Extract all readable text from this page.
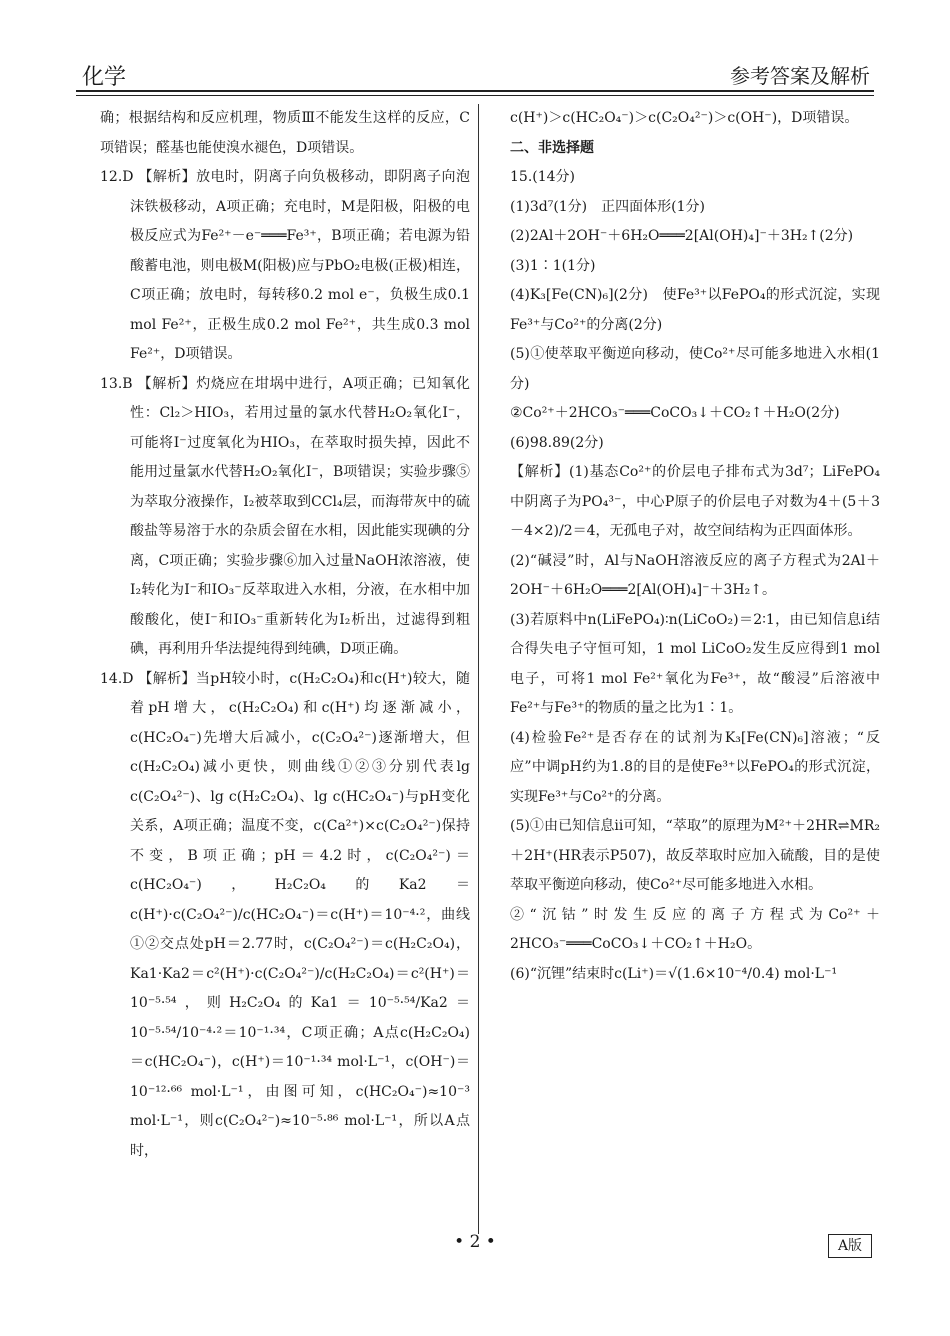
化学	参考答案及解析

确；根据结构和反应机理，物质Ⅲ不能发生这样的反应，C项错误；醛基也能使溴水褪色，D项错误。

12.D 【解析】放电时，阴离子向负极移动，即阴离子向泡沫铁极移动，A项正确；充电时，M是阳极，阳极的电极反应式为Fe²⁺－e⁻═══Fe³⁺，B项正确；若电源为铅酸蓄电池，则电极M(阳极)应与PbO₂电极(正极)相连，C项正确；放电时，每转移0.2 mol e⁻，负极生成0.1 mol Fe²⁺，正极生成0.2 mol Fe²⁺，共生成0.3 mol Fe²⁺，D项错误。

13.B 【解析】灼烧应在坩埚中进行，A项正确；已知氧化性：Cl₂＞HIO₃，若用过量的氯水代替H₂O₂氧化I⁻，可能将I⁻过度氧化为HIO₃，在萃取时损失掉，因此不能用过量氯水代替H₂O₂氧化I⁻，B项错误；实验步骤⑤为萃取分液操作，I₂被萃取到CCl₄层，而海带灰中的硫酸盐等易溶于水的杂质会留在水相，因此能实现碘的分离，C项正确；实验步骤⑥加入过量NaOH浓溶液，使I₂转化为I⁻和IO₃⁻反萃取进入水相，分液，在水相中加酸酸化，使I⁻和IO₃⁻重新转化为I₂析出，过滤得到粗碘，再利用升华法提纯得到纯碘，D项正确。

14.D 【解析】当pH较小时，c(H₂C₂O₄)和c(H⁺)较大，随着pH增大，c(H₂C₂O₄)和c(H⁺)均逐渐减小，c(HC₂O₄⁻)先增大后减小，c(C₂O₄²⁻)逐渐增大，但c(H₂C₂O₄)减小更快，则曲线①②③分别代表lg c(C₂O₄²⁻)、lg c(H₂C₂O₄)、lg c(HC₂O₄⁻)与pH变化关系，A项正确；温度不变，c(Ca²⁺)×c(C₂O₄²⁻)保持不变，B项正确；pH＝4.2时，c(C₂O₄²⁻)＝c(HC₂O₄⁻)，H₂C₂O₄的Ka2＝c(H⁺)·c(C₂O₄²⁻)/c(HC₂O₄⁻)＝c(H⁺)＝10⁻⁴·²，曲线①②交点处pH＝2.77时，c(C₂O₄²⁻)＝c(H₂C₂O₄)，Ka1·Ka2＝c²(H⁺)·c(C₂O₄²⁻)/c(H₂C₂O₄)＝c²(H⁺)＝10⁻⁵·⁵⁴，则H₂C₂O₄的Ka1＝10⁻⁵·⁵⁴/Ka2＝10⁻⁵·⁵⁴/10⁻⁴·²＝10⁻¹·³⁴，C项正确；A点c(H₂C₂O₄)＝c(HC₂O₄⁻)，c(H⁺)＝10⁻¹·³⁴ mol·L⁻¹，c(OH⁻)＝10⁻¹²·⁶⁶ mol·L⁻¹，由图可知，c(HC₂O₄⁻)≈10⁻³ mol·L⁻¹，则c(C₂O₄²⁻)≈10⁻⁵·⁸⁶ mol·L⁻¹，所以A点时，

c(H⁺)＞c(HC₂O₄⁻)＞c(C₂O₄²⁻)＞c(OH⁻)，D项错误。

二、非选择题

15.(14分)

(1)3d⁷(1分)　正四面体形(1分)

(2)2Al＋2OH⁻＋6H₂O═══2[Al(OH)₄]⁻＋3H₂↑(2分)

(3)1∶1(1分)

(4)K₃[Fe(CN)₆](2分)　使Fe³⁺以FePO₄的形式沉淀，实现Fe³⁺与Co²⁺的分离(2分)

(5)①使萃取平衡逆向移动，使Co²⁺尽可能多地进入水相(1分)

②Co²⁺＋2HCO₃⁻═══CoCO₃↓＋CO₂↑＋H₂O(2分)

(6)98.89(2分)

【解析】(1)基态Co²⁺的价层电子排布式为3d⁷；LiFePO₄中阴离子为PO₄³⁻，中心P原子的价层电子对数为4＋(5＋3－4×2)/2＝4，无孤电子对，故空间结构为正四面体形。

(2)“碱浸”时，Al与NaOH溶液反应的离子方程式为2Al＋2OH⁻＋6H₂O═══2[Al(OH)₄]⁻＋3H₂↑。

(3)若原料中n(LiFePO₄)∶n(LiCoO₂)＝2∶1，由已知信息ⅰ结合得失电子守恒可知，1 mol LiCoO₂发生反应得到1 mol电子，可将1 mol Fe²⁺氧化为Fe³⁺，故“酸浸”后溶液中Fe²⁺与Fe³⁺的物质的量之比为1∶1。

(4)检验Fe²⁺是否存在的试剂为K₃[Fe(CN)₆]溶液；“反应”中调pH约为1.8的目的是使Fe³⁺以FePO₄的形式沉淀，实现Fe³⁺与Co²⁺的分离。

(5)①由已知信息ⅱ可知，“萃取”的原理为M²⁺＋2HR⇌MR₂＋2H⁺(HR表示P507)，故反萃取时应加入硫酸，目的是使萃取平衡逆向移动，使Co²⁺尽可能多地进入水相。

②“沉钴”时发生反应的离子方程式为Co²⁺＋2HCO₃⁻═══CoCO₃↓＋CO₂↑＋H₂O。

(6)“沉锂”结束时c(Li⁺)＝√(1.6×10⁻⁴/0.4) mol·L⁻¹

• 2 •	A版
